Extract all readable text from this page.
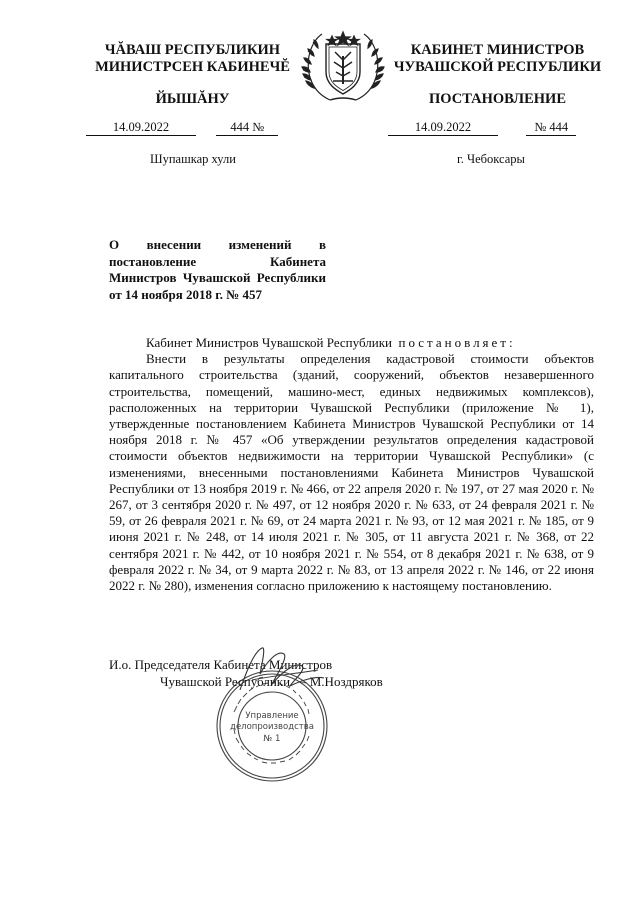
ЧĂВАШ РЕСПУБЛИКИН
МИНИСТРСЕН КАБИНЕЧĔ
ЙЫШĂНУ
КАБИНЕТ МИНИСТРОВ
ЧУВАШСКОЙ РЕСПУБЛИКИ
ПОСТАНОВЛЕНИЕ
14.09.2022	444 №	14.09.2022	№ 444
Шупашкар хули	г. Чебоксары
О внесении изменений в постановление Кабинета Министров Чувашской Республики от 14 ноября 2018 г. № 457

Кабинет Министров Чувашской Республики постановляет:

Внести в результаты определения кадастровой стоимости объектов капитального строительства (зданий, сооружений, объектов незавершенного строительства, помещений, машино-мест, единых недвижимых комплексов), расположенных на территории Чувашской Республики (приложение № 1), утвержденные постановлением Кабинета Министров Чувашской Республики от 14 ноября 2018 г. № 457 «Об утверждении результатов определения кадастровой стоимости объектов недвижимости на территории Чувашской Республики» (с изменениями, внесенными постановлениями Кабинета Министров Чувашской Республики от 13 ноября 2019 г. № 466, от 22 апреля 2020 г. № 197, от 27 мая 2020 г. № 267, от 3 сентября 2020 г. № 497, от 12 ноября 2020 г. № 633, от 24 февраля 2021 г. № 59, от 26 февраля 2021 г. № 69, от 24 марта 2021 г. № 93, от 12 мая 2021 г. № 185, от 9 июня 2021 г. № 248, от 14 июля 2021 г. № 305, от 11 августа 2021 г. № 368, от 22 сентября 2021 г. № 442, от 10 ноября 2021 г. № 554, от 8 декабря 2021 г. № 638, от 9 февраля 2022 г. № 34, от 9 марта 2022 г. № 83, от 13 апреля 2022 г. № 146, от 22 июня 2022 г. № 280), изменения согласно приложению к настоящему постановлению.

Управление
делопроизводства
№ 1
И.о. Председателя Кабинета Министров
Чувашской Республики – М.Ноздряков
